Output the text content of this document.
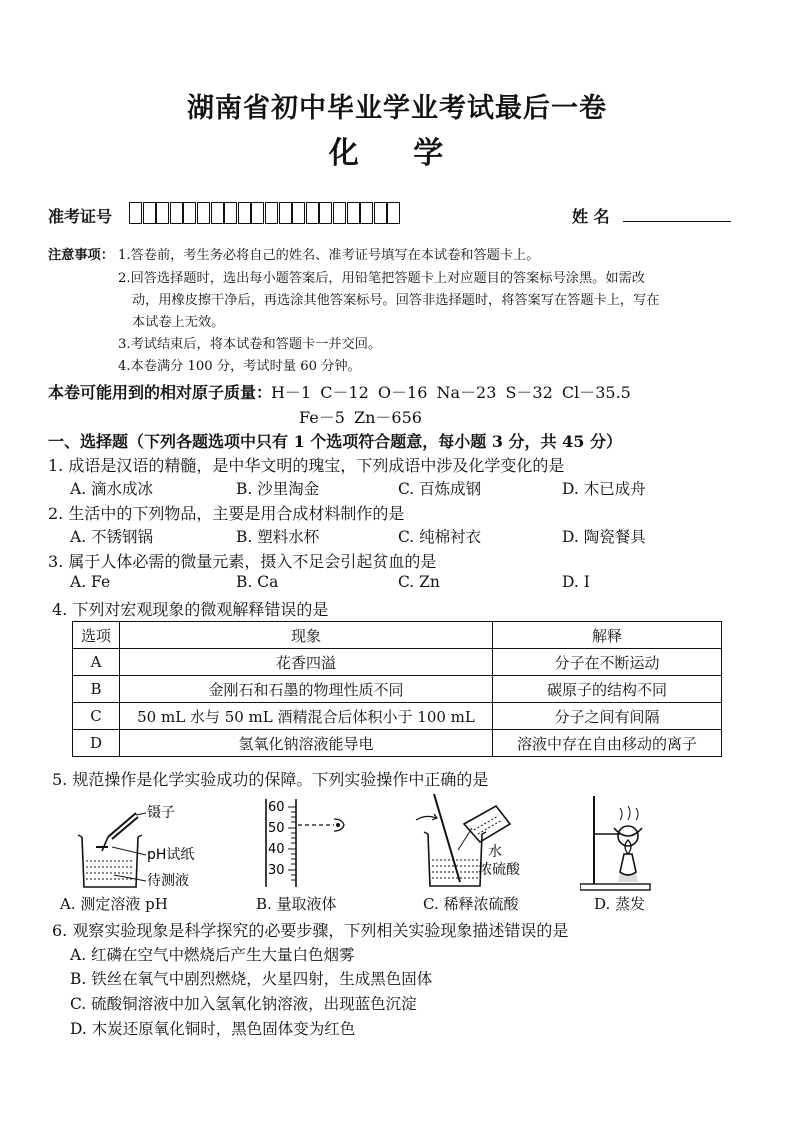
湖南省初中毕业学业考试最后一卷
化 学
准考证号	姓 名
注意事项： 1.答卷前，考生务必将自己的姓名、准考证号填写在本试卷和答题卡上。
2.回答选择题时，选出每小题答案后，用铅笔把答题卡上对应题目的答案标号涂黑。如需改
动，用橡皮擦干净后，再选涂其他答案标号。回答非选择题时，将答案写在答题卡上，写在
本试卷上无效。
3.考试结束后，将本试卷和答题卡一并交回。
4.本卷满分 100 分，考试时量 60 分钟。
本卷可能用到的相对原子质量：
H－1 C－12 O－16 Na－23 S－32 Cl－35.5
Fe－5 Zn－656
一、选择题（下列各题选项中只有 1 个选项符合题意，每小题 3 分，共 45 分）
1. 成语是汉语的精髓，是中华文明的瑰宝，下列成语中涉及化学变化的是
A. 滴水成冰	B. 沙里淘金	C. 百炼成钢	D. 木已成舟
2. 生活中的下列物品，主要是用合成材料制作的是
A. 不锈钢锅	B. 塑料水杯	C. 纯棉衬衣	D. 陶瓷餐具
3. 属于人体必需的微量元素，摄入不足会引起贫血的是
A. Fe	B. Ca	C. Zn	D. I
4. 下列对宏观现象的微观解释错误的是
选项	现象	解释
A	花香四溢	分子在不断运动
B	金刚石和石墨的物理性质不同	碳原子的结构不同
C	50 mL 水与 50 mL 酒精混合后体积小于 100 mL	分子之间有间隔
D	氢氧化钠溶液能导电	溶液中存在自由移动的离子
5. 规范操作是化学实验成功的保障。下列实验操作中正确的是
镊子
pH试纸
待测液
A. 测定溶液 pH
60
50
40
30
B. 量取液体
水
浓硫酸
C. 稀释浓硫酸	D. 蒸发
6. 观察实验现象是科学探究的必要步骤，下列相关实验现象描述错误的是
A. 红磷在空气中燃烧后产生大量白色烟雾
B. 铁丝在氧气中剧烈燃烧，火星四射，生成黑色固体
C. 硫酸铜溶液中加入氢氧化钠溶液，出现蓝色沉淀
D. 木炭还原氧化铜时，黑色固体变为红色
